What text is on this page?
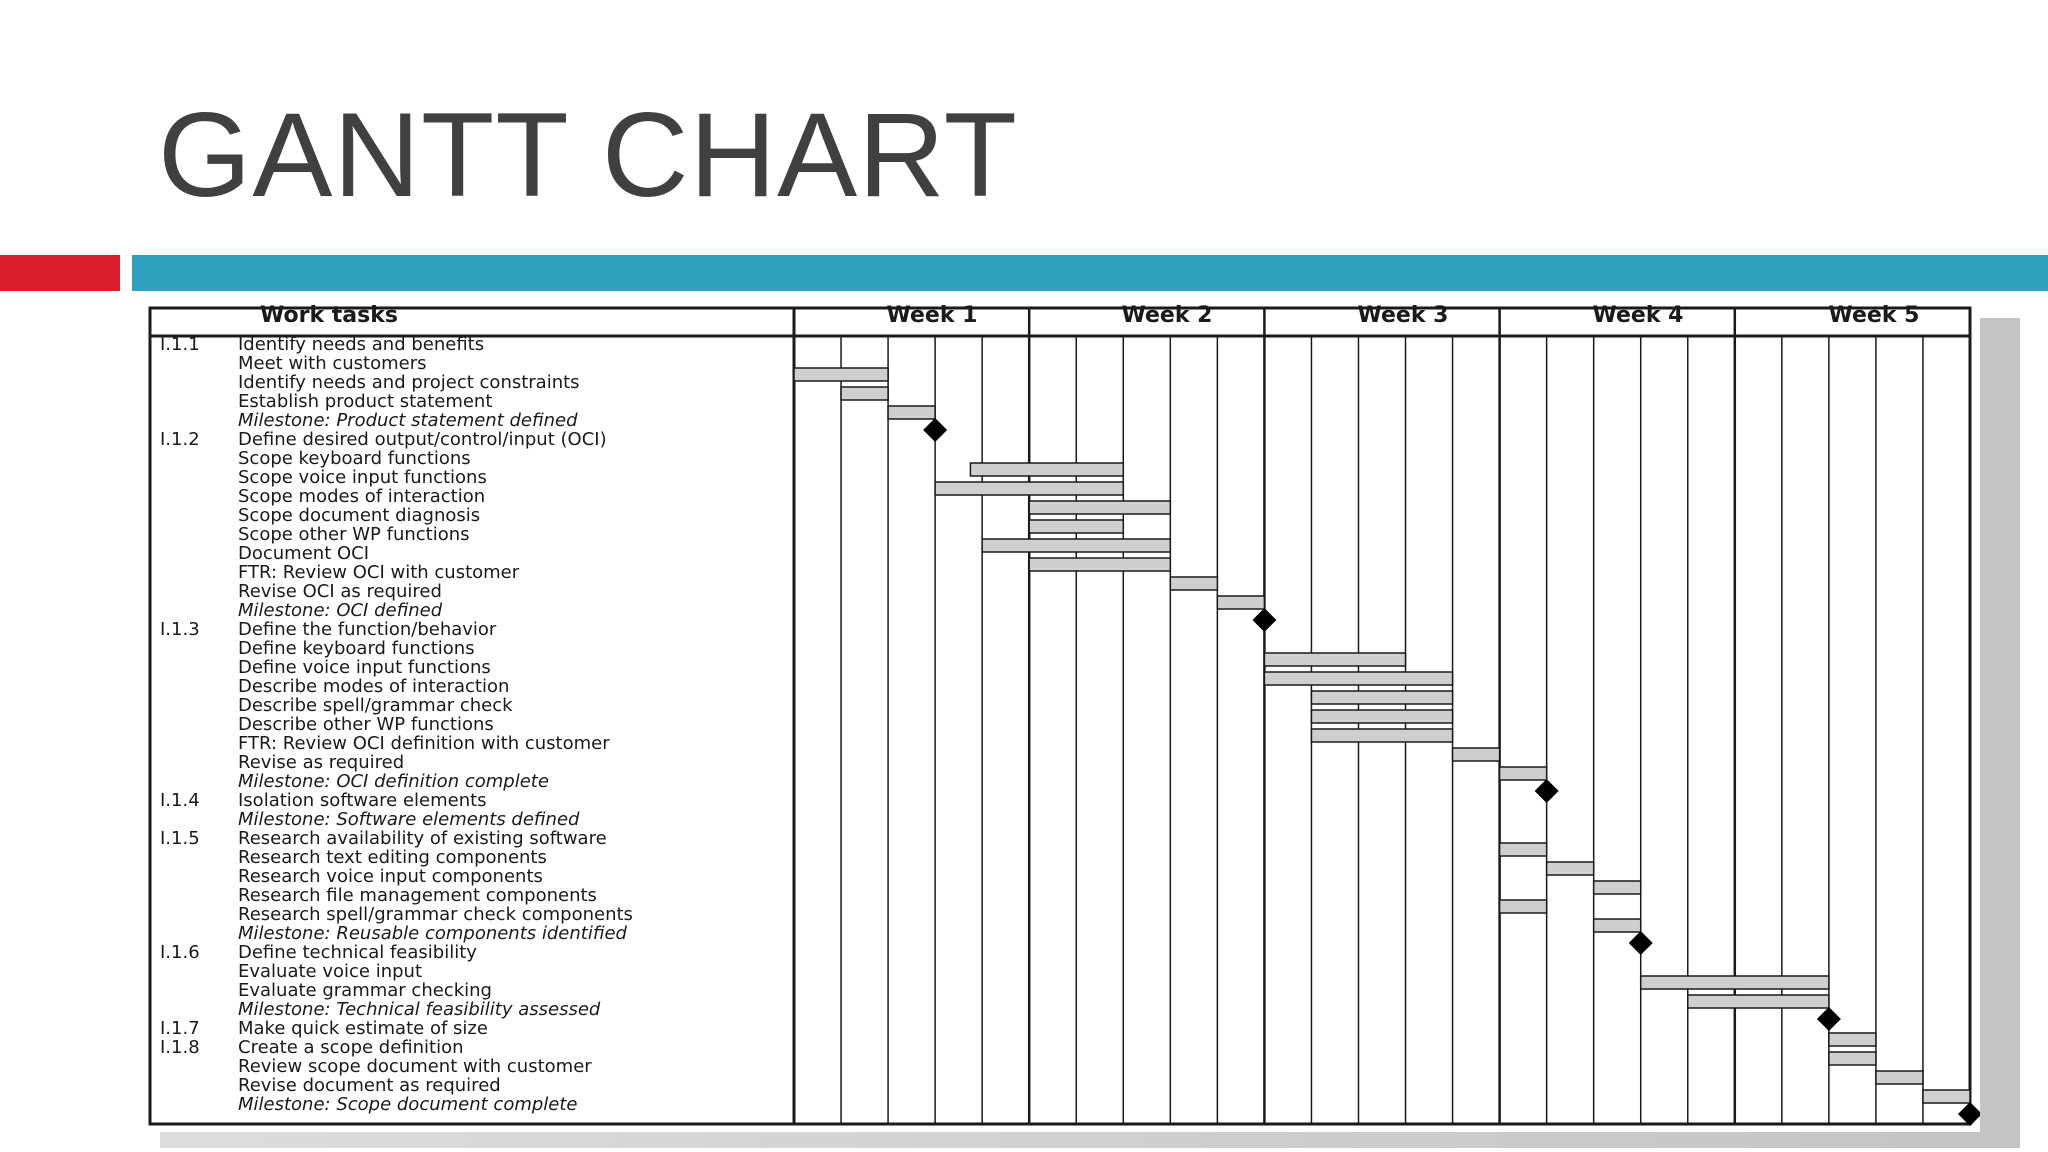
GANTT CHART
I.1.1 Identify needs and benefits
Meet with customers
Identify needs and project constraints
Establish product statement
Milestone: Product statement defined
I.1.2 Define desired output/control/input (OCI)
Scope keyboard functions
Scope voice input functions
Scope modes of interaction
Scope document diagnosis
Scope other WP functions
Document OCI
FTR: Review OCI with customer
Revise OCI as required
Milestone: OCI defined
I.1.3 Define the function/behavior
Define keyboard functions
Define voice input functions
Describe modes of interaction
Describe spell/grammar check
Describe other WP functions
FTR: Review OCI definition with customer
Revise as required
Milestone: OCI definition complete
I.1.4 Isolation software elements
Milestone: Software elements defined
I.1.5 Research availability of existing software
Research text editing components
Research voice input components
Research file management components
Research spell/grammar check components
Milestone: Reusable components identified
I.1.6 Define technical feasibility
Evaluate voice input
Evaluate grammar checking
Milestone: Technical feasibility assessed
I.1.7 Make quick estimate of size
I.1.8 Create a scope definition
Review scope document with customer
Revise document as required
Milestone: Scope document complete
Work tasks	Week 1	Week 2	Week 3	Week 4	Week 5
